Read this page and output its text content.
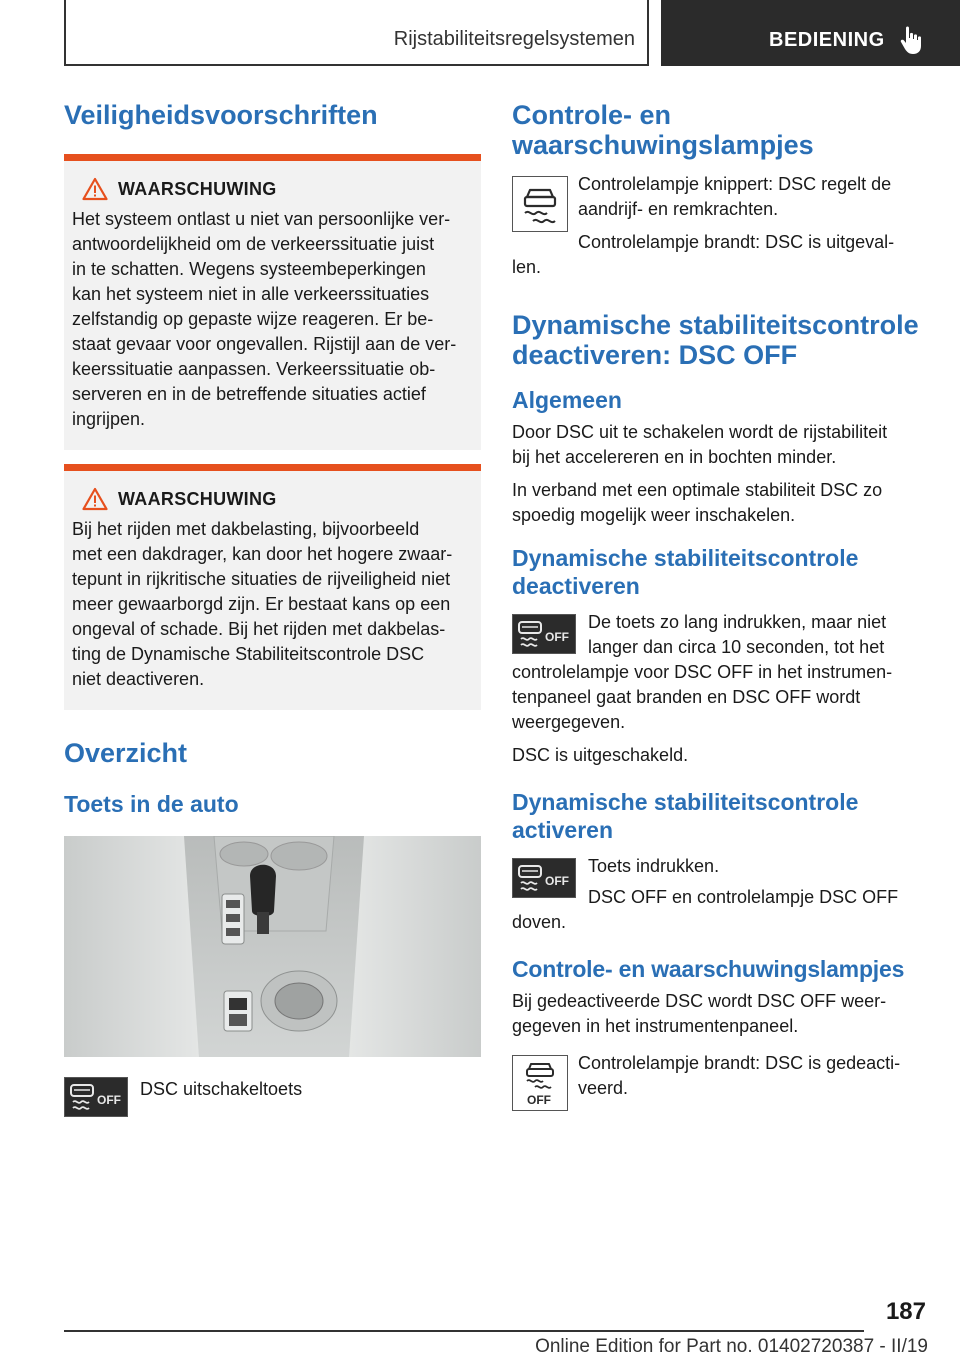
Rijstabiliteitsregelsystemen	BEDIENING
Veiligheidsvoorschriften
WAARSCHUWING
Het systeem ontlast u niet van persoonlijke ver-
antwoordelijkheid om de verkeerssituatie juist
in te schatten. Wegens systeembeperkingen
kan het systeem niet in alle verkeerssituaties
zelfstandig op gepaste wijze reageren. Er be-
staat gevaar voor ongevallen. Rijstijl aan de ver-
keerssituatie aanpassen. Verkeerssituatie ob-
serveren en in de betreffende situaties actief
ingrijpen.
WAARSCHUWING
Bij het rijden met dakbelasting, bijvoorbeeld
met een dakdrager, kan door het hogere zwaar-
tepunt in rijkritische situaties de rijveiligheid niet
meer gewaarborgd zijn. Er bestaat kans op een
ongeval of schade. Bij het rijden met dakbelas-
ting de Dynamische Stabiliteitscontrole DSC
niet deactiveren.
Overzicht
Toets in de auto
OFF
DSC uitschakeltoets
Controle- en
waarschuwingslampjes
Controlelampje knippert: DSC regelt de
aandrijf- en remkrachten.
Controlelampje brandt: DSC is uitgeval-
len.
Dynamische stabiliteitscontrole
deactiveren: DSC OFF
Algemeen
Door DSC uit te schakelen wordt de rijstabiliteit
bij het accelereren en in bochten minder.
In verband met een optimale stabiliteit DSC zo
spoedig mogelijk weer inschakelen.
Dynamische stabiliteitscontrole
deactiveren
OFF
De toets zo lang indrukken, maar niet
langer dan circa 10 seconden, tot het
controlelampje voor DSC OFF in het instrumen-
tenpaneel gaat branden en DSC OFF wordt
weergegeven.
DSC is uitgeschakeld.
Dynamische stabiliteitscontrole
activeren
OFF
Toets indrukken.
DSC OFF en controlelampje DSC OFF
doven.
Controle- en waarschuwingslampjes
Bij gedeactiveerde DSC wordt DSC OFF weer-
gegeven in het instrumentenpaneel.
OFF
Controlelampje brandt: DSC is gedeacti-
veerd.
187
Online Edition for Part no. 01402720387 - II/19
